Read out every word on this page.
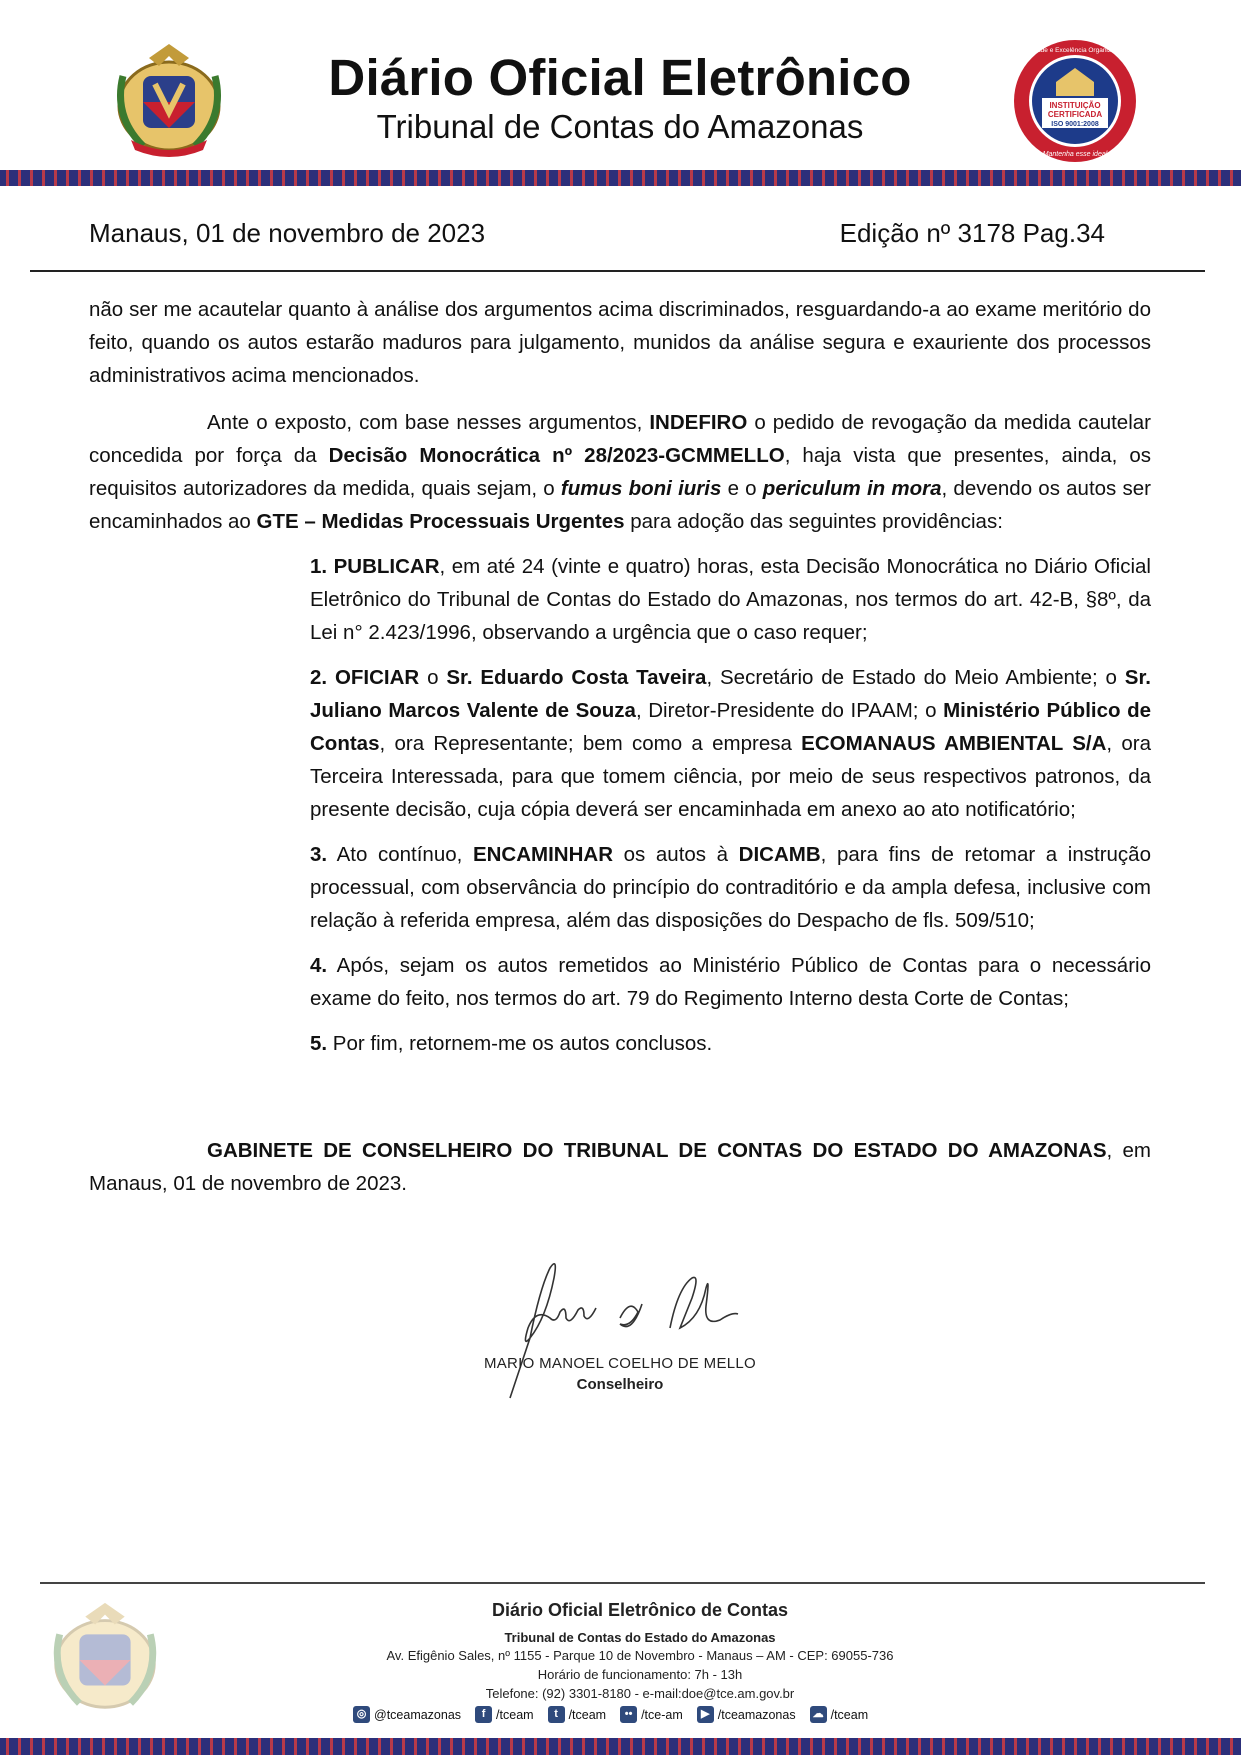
Diário Oficial Eletrônico
Tribunal de Contas do Amazonas
INSTITUIÇÃO
CERTIFICADA
ISO 9001:2008
Qualidade e Excelência Organizacional
Mantenha esse ideal
Manaus, 01 de novembro de 2023	Edição nº 3178 Pag.34

não ser me acautelar quanto à análise dos argumentos acima discriminados, resguardando-a ao exame meritório do feito, quando os autos estarão maduros para julgamento, munidos da análise segura e exauriente dos processos administrativos acima mencionados.

Ante o exposto, com base nesses argumentos, INDEFIRO o pedido de revogação da medida cautelar concedida por força da Decisão Monocrática nº 28/2023-GCMMELLO, haja vista que presentes, ainda, os requisitos autorizadores da medida, quais sejam, o fumus boni iuris e o periculum in mora, devendo os autos ser encaminhados ao GTE – Medidas Processuais Urgentes para adoção das seguintes providências:

1. PUBLICAR, em até 24 (vinte e quatro) horas, esta Decisão Monocrática no Diário Oficial Eletrônico do Tribunal de Contas do Estado do Amazonas, nos termos do art. 42-B, §8º, da Lei n° 2.423/1996, observando a urgência que o caso requer;

2. OFICIAR o Sr. Eduardo Costa Taveira, Secretário de Estado do Meio Ambiente; o Sr. Juliano Marcos Valente de Souza, Diretor-Presidente do IPAAM; o Ministério Público de Contas, ora Representante; bem como a empresa ECOMANAUS AMBIENTAL S/A, ora Terceira Interessada, para que tomem ciência, por meio de seus respectivos patronos, da presente decisão, cuja cópia deverá ser encaminhada em anexo ao ato notificatório;

3. Ato contínuo, ENCAMINHAR os autos à DICAMB, para fins de retomar a instrução processual, com observância do princípio do contraditório e da ampla defesa, inclusive com relação à referida empresa, além das disposições do Despacho de fls. 509/510;

4. Após, sejam os autos remetidos ao Ministério Público de Contas para o necessário exame do feito, nos termos do art. 79 do Regimento Interno desta Corte de Contas;

5. Por fim, retornem-me os autos conclusos.

GABINETE DE CONSELHEIRO DO TRIBUNAL DE CONTAS DO ESTADO DO AMAZONAS, em Manaus, 01 de novembro de 2023.

MARIO MANOEL COELHO DE MELLO
Conselheiro
Diário Oficial Eletrônico de Contas
Tribunal de Contas do Estado do Amazonas
Av. Efigênio Sales, nº 1155 - Parque 10 de Novembro - Manaus – AM - CEP: 69055-736
Horário de funcionamento: 7h - 13h
Telefone: (92) 3301-8180 - e-mail:doe@tce.am.gov.br
◎ @tceamazonas	f /tceam	t /tceam	•• /tce-am	▶ /tceamazonas ☁ /tceam
